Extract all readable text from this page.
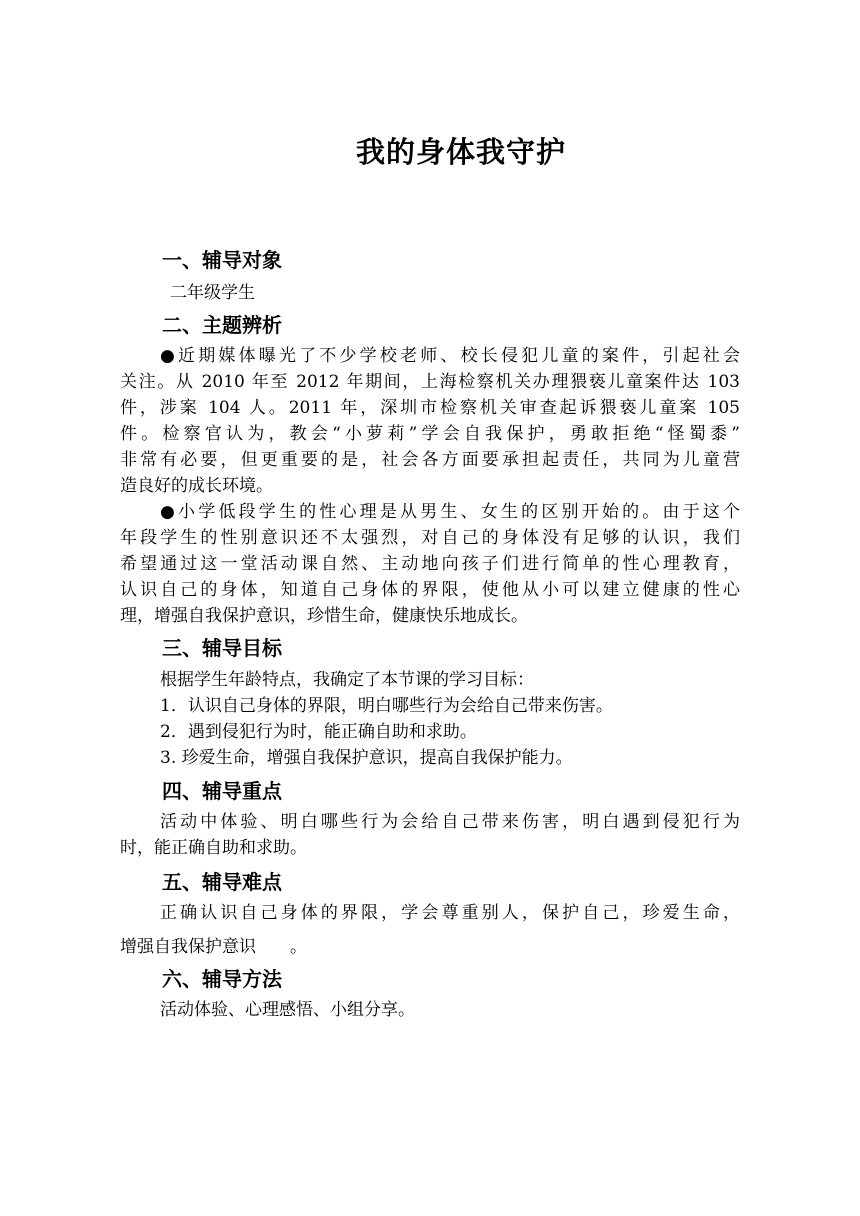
我的身体我守护
一、辅导对象
二年级学生
二、主题辨析
●近期媒体曝光了不少学校老师、校长侵犯儿童的案件，引起社会
关注。从 2010 年至 2012 年期间，上海检察机关办理猥亵儿童案件达 103
件，涉案 104 人。2011 年，深圳市检察机关审查起诉猥亵儿童案 105
件。检察官认为，教会“小萝莉”学会自我保护，勇敢拒绝“怪蜀黍”
非常有必要，但更重要的是，社会各方面要承担起责任，共同为儿童营
造良好的成长环境。
●小学低段学生的性心理是从男生、女生的区别开始的。由于这个
年段学生的性别意识还不太强烈，对自己的身体没有足够的认识，我们
希望通过这一堂活动课自然、主动地向孩子们进行简单的性心理教育，
认识自己的身体，知道自己身体的界限，使他从小可以建立健康的性心
理，增强自我保护意识，珍惜生命，健康快乐地成长。
三、辅导目标
根据学生年龄特点，我确定了本节课的学习目标：
1．认识自己身体的界限，明白哪些行为会给自己带来伤害。
2．遇到侵犯行为时，能正确自助和求助。
3. 珍爱生命，增强自我保护意识，提高自我保护能力。
四、辅导重点
活动中体验、明白哪些行为会给自己带来伤害，明白遇到侵犯行为
时，能正确自助和求助。
五、辅导难点
正确认识自己身体的界限，学会尊重别人，保护自己，珍爱生命，
增强自我保护意识　　。
六、辅导方法
活动体验、心理感悟、小组分享。
